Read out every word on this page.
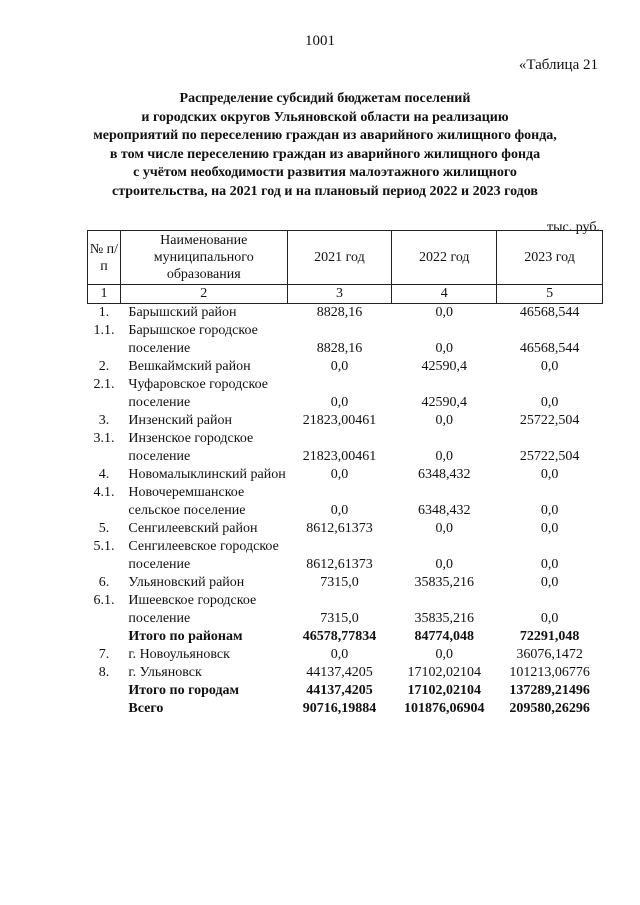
1001
«Таблица 21
Распределение субсидий бюджетам поселений
и городских округов Ульяновской области на реализацию
мероприятий по переселению граждан из аварийного жилищного фонда,
в том числе переселению граждан из аварийного жилищного фонда
с учётом необходимости развития малоэтажного жилищного
строительства, на 2021 год и на плановый период 2022 и 2023 годов
тыс. руб.
№ п/п	Наименование муниципального образования	2021 год	2022 год	2023 год
1	2	3	4	5
1.	Барышский район	8828,16	0,0	46568,544
1.1.	Барышское городское поселение	8828,16	0,0	46568,544
2.	Вешкаймский район	0,0	42590,4	0,0
2.1.	Чуфаровское городское поселение	0,0	42590,4	0,0
3.	Инзенский район	21823,00461	0,0	25722,504
3.1.	Инзенское городское поселение	21823,00461	0,0	25722,504
4.	Новомалыклинский район	0,0	6348,432	0,0
4.1.	Новочеремшанское сельское поселение	0,0	6348,432	0,0
5.	Сенгилеевский район	8612,61373	0,0	0,0
5.1.	Сенгилеевское городское поселение	8612,61373	0,0	0,0
6.	Ульяновский район	7315,0	35835,216	0,0
6.1.	Ишеевское городское поселение	7315,0	35835,216	0,0
	Итого по районам	46578,77834	84774,048	72291,048
7.	г. Новоульяновск	0,0	0,0	36076,1472
8.	г. Ульяновск	44137,4205	17102,02104	101213,06776
	Итого по городам	44137,4205	17102,02104	137289,21496
	Всего	90716,19884	101876,06904	209580,26296
